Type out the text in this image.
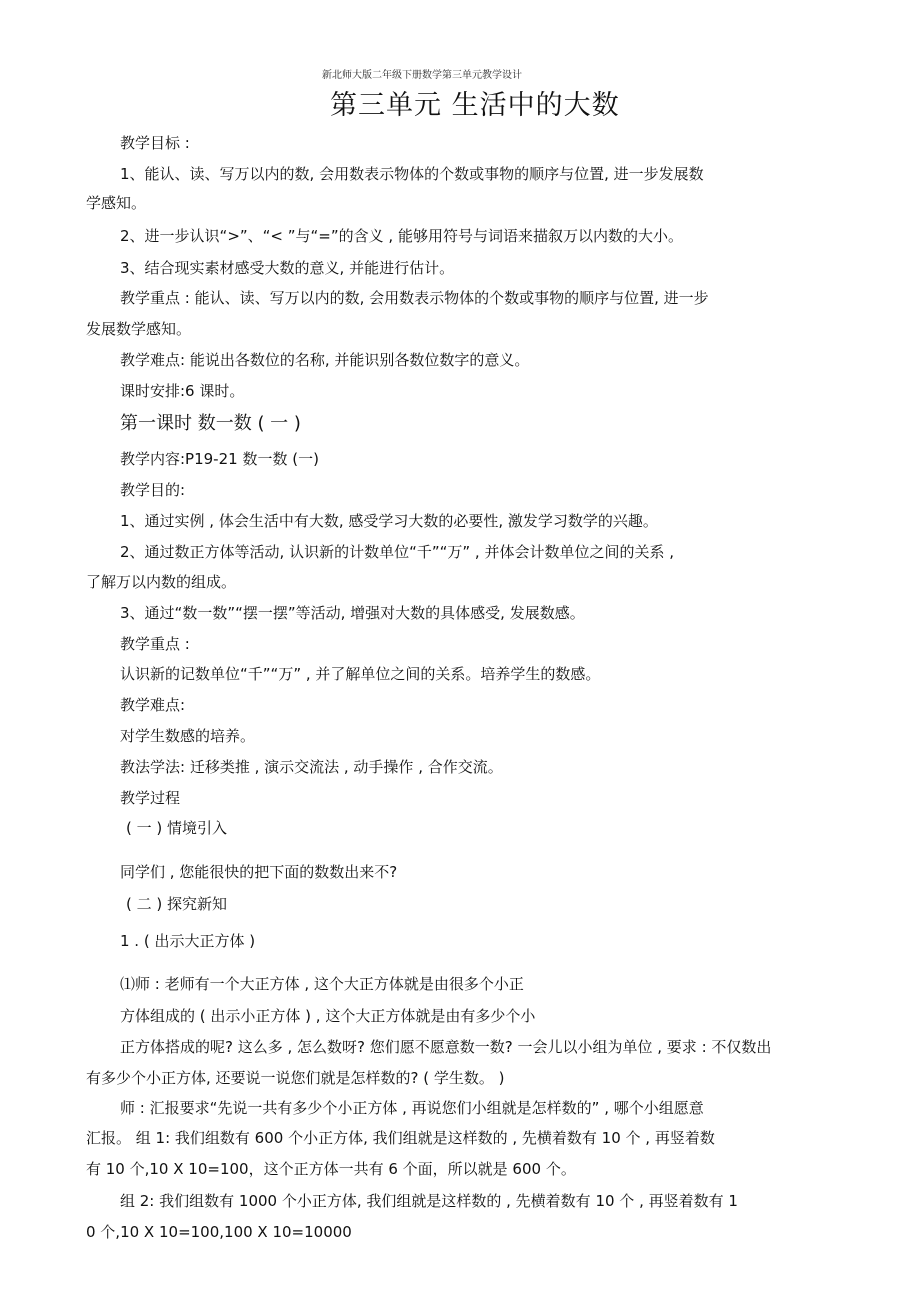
新北师大版二年级下册数学第三单元教学设计
第三单元 生活中的大数
教学目标 :
1、能认、读、写万以内的数, 会用数表示物体的个数或事物的顺序与位置, 进一步发展数
学感知。
2、进一步认识“>”、“< ”与“=”的含义 , 能够用符号与词语来描叙万以内数的大小。
3、结合现实素材感受大数的意义, 并能进行估计。
教学重点 : 能认、读、写万以内的数, 会用数表示物体的个数或事物的顺序与位置, 进一步
发展数学感知。
教学难点: 能说出各数位的名称, 并能识别各数位数字的意义。
课时安排:6 课时。
第一课时 数一数 ( 一 )
教学内容:P19-21 数一数 (一)
教学目的:
1、通过实例 , 体会生活中有大数, 感受学习大数的必要性, 激发学习数学的兴趣。
2、通过数正方体等活动, 认识新的计数单位“千”“万” , 并体会计数单位之间的关系 ,
了解万以内数的组成。
3、通过“数一数”“摆一摆”等活动, 增强对大数的具体感受, 发展数感。
教学重点 :
认识新的记数单位“千”“万” , 并了解单位之间的关系。培养学生的数感。
教学难点:
对学生数感的培养。
教法学法: 迁移类推 , 演示交流法 , 动手操作 , 合作交流。
教学过程
( 一 ) 情境引入
同学们 , 您能很快的把下面的数数出来不?
( 二 ) 探究新知
1 . ( 出示大正方体 )
⑴师 : 老师有一个大正方体 , 这个大正方体就是由很多个小正
方体组成的 ( 出示小正方体 ) , 这个大正方体就是由有多少个小
正方体搭成的呢? 这么多 , 怎么数呀? 您们愿不愿意数一数? 一会儿以小组为单位 , 要求 : 不仅数出
有多少个小正方体, 还要说一说您们就是怎样数的? ( 学生数。 )
师 : 汇报要求“先说一共有多少个小正方体 , 再说您们小组就是怎样数的” , 哪个小组愿意
汇报。 组 1: 我们组数有 600 个小正方体, 我们组就是这样数的 , 先横着数有 10 个 , 再竖着数
有 10 个,10 X 10=100，这个正方体一共有 6 个面，所以就是 600 个。
组 2: 我们组数有 1000 个小正方体, 我们组就是这样数的 , 先横着数有 10 个 , 再竖着数有 1
0 个,10 X 10=100,100 X 10=10000
